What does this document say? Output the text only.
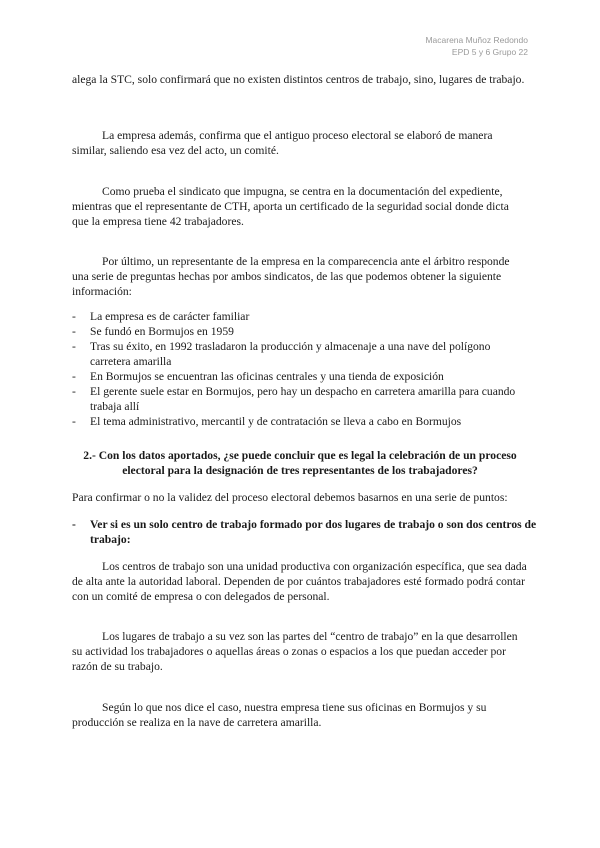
Macarena Muñoz Redondo
EPD 5 y 6 Grupo 22

alega la STC, solo confirmará que no existen distintos centros de trabajo, sino, lugares de trabajo.

La empresa además, confirma que el antiguo proceso electoral se elaboró de manera similar, saliendo esa vez del acto, un comité.

Como prueba el sindicato que impugna, se centra en la documentación del expediente, mientras que el representante de CTH, aporta un certificado de la seguridad social donde dicta que la empresa tiene 42 trabajadores.

Por último, un representante de la empresa en la comparecencia ante el árbitro responde una serie de preguntas hechas por ambos sindicatos, de las que podemos obtener la siguiente información:

-	La empresa es de carácter familiar
-	Se fundó en Bormujos en 1959
-	Tras su éxito, en 1992 trasladaron la producción y almacenaje a una nave del polígono carretera amarilla
-	En Bormujos se encuentran las oficinas centrales y una tienda de exposición
-	El gerente suele estar en Bormujos, pero hay un despacho en carretera amarilla para cuando trabaja allí
-	El tema administrativo, mercantil y de contratación se lleva a cabo en Bormujos

2.- Con los datos aportados, ¿se puede concluir que es legal la celebración de un proceso electoral para la designación de tres representantes de los trabajadores?

Para confirmar o no la validez del proceso electoral debemos basarnos en una serie de puntos:

- Ver si es un solo centro de trabajo formado por dos lugares de trabajo o son dos centros de trabajo:

Los centros de trabajo son una unidad productiva con organización específica, que sea dada de alta ante la autoridad laboral. Dependen de por cuántos trabajadores esté formado podrá contar con un comité de empresa o con delegados de personal.

Los lugares de trabajo a su vez son las partes del “centro de trabajo” en la que desarrollen su actividad los trabajadores o aquellas áreas o zonas o espacios a los que puedan acceder por razón de su trabajo.

Según lo que nos dice el caso, nuestra empresa tiene sus oficinas en Bormujos y su producción se realiza en la nave de carretera amarilla.
